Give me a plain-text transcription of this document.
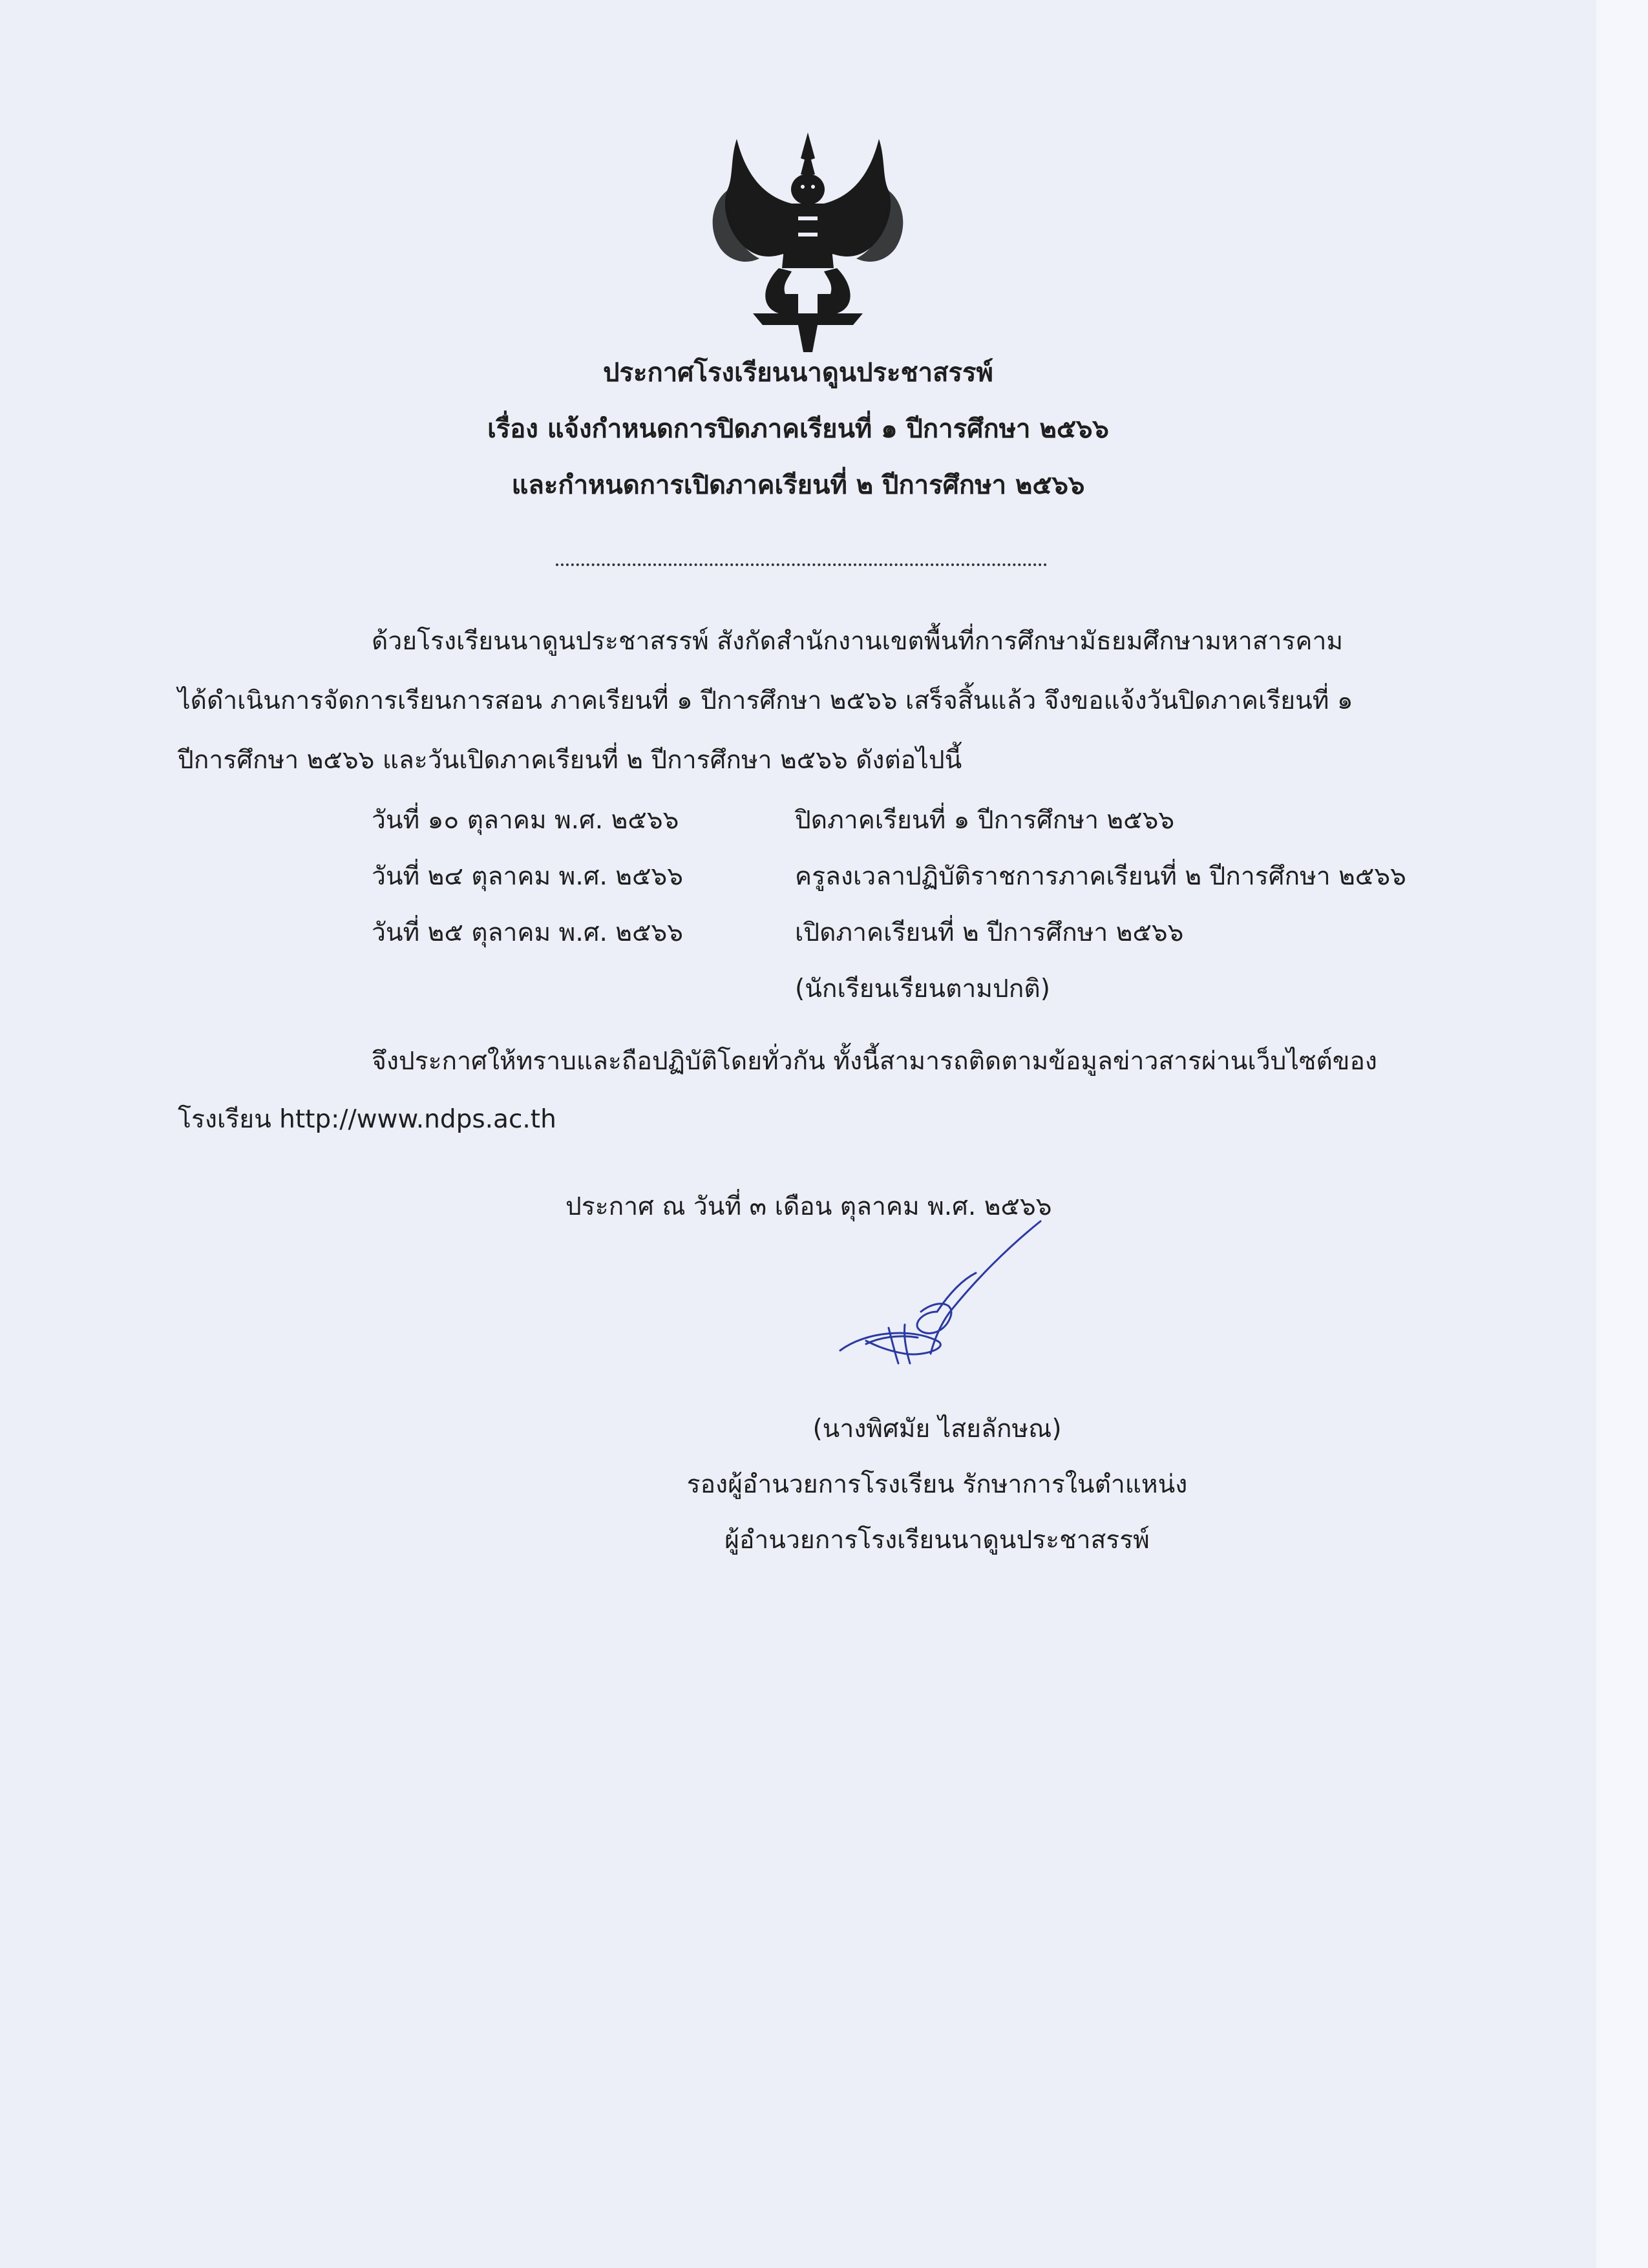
ประกาศโรงเรียนนาดูนประชาสรรพ์
เรื่อง แจ้งกำหนดการปิดภาคเรียนที่ ๑ ปีการศึกษา ๒๕๖๖
และกำหนดการเปิดภาคเรียนที่ ๒ ปีการศึกษา ๒๕๖๖
ด้วยโรงเรียนนาดูนประชาสรรพ์ สังกัดสำนักงานเขตพื้นที่การศึกษามัธยมศึกษามหาสารคาม
ได้ดำเนินการจัดการเรียนการสอน ภาคเรียนที่ ๑ ปีการศึกษา ๒๕๖๖ เสร็จสิ้นแล้ว จึงขอแจ้งวันปิดภาคเรียนที่ ๑
ปีการศึกษา ๒๕๖๖ และวันเปิดภาคเรียนที่ ๒ ปีการศึกษา ๒๕๖๖ ดังต่อไปนี้
วันที่ ๑๐ ตุลาคม พ.ศ. ๒๕๖๖	ปิดภาคเรียนที่ ๑ ปีการศึกษา ๒๕๖๖
วันที่ ๒๔ ตุลาคม พ.ศ. ๒๕๖๖	ครูลงเวลาปฏิบัติราชการภาคเรียนที่ ๒ ปีการศึกษา ๒๕๖๖
วันที่ ๒๕ ตุลาคม พ.ศ. ๒๕๖๖	เปิดภาคเรียนที่ ๒ ปีการศึกษา ๒๕๖๖
(นักเรียนเรียนตามปกติ)
จึงประกาศให้ทราบและถือปฏิบัติโดยทั่วกัน ทั้งนี้สามารถติดตามข้อมูลข่าวสารผ่านเว็บไซต์ของ
โรงเรียน http://www.ndps.ac.th
ประกาศ ณ วันที่ ๓ เดือน ตุลาคม พ.ศ. ๒๕๖๖
(นางพิศมัย ไสยลักษณ)
รองผู้อำนวยการโรงเรียน รักษาการในตำแหน่ง
ผู้อำนวยการโรงเรียนนาดูนประชาสรรพ์
